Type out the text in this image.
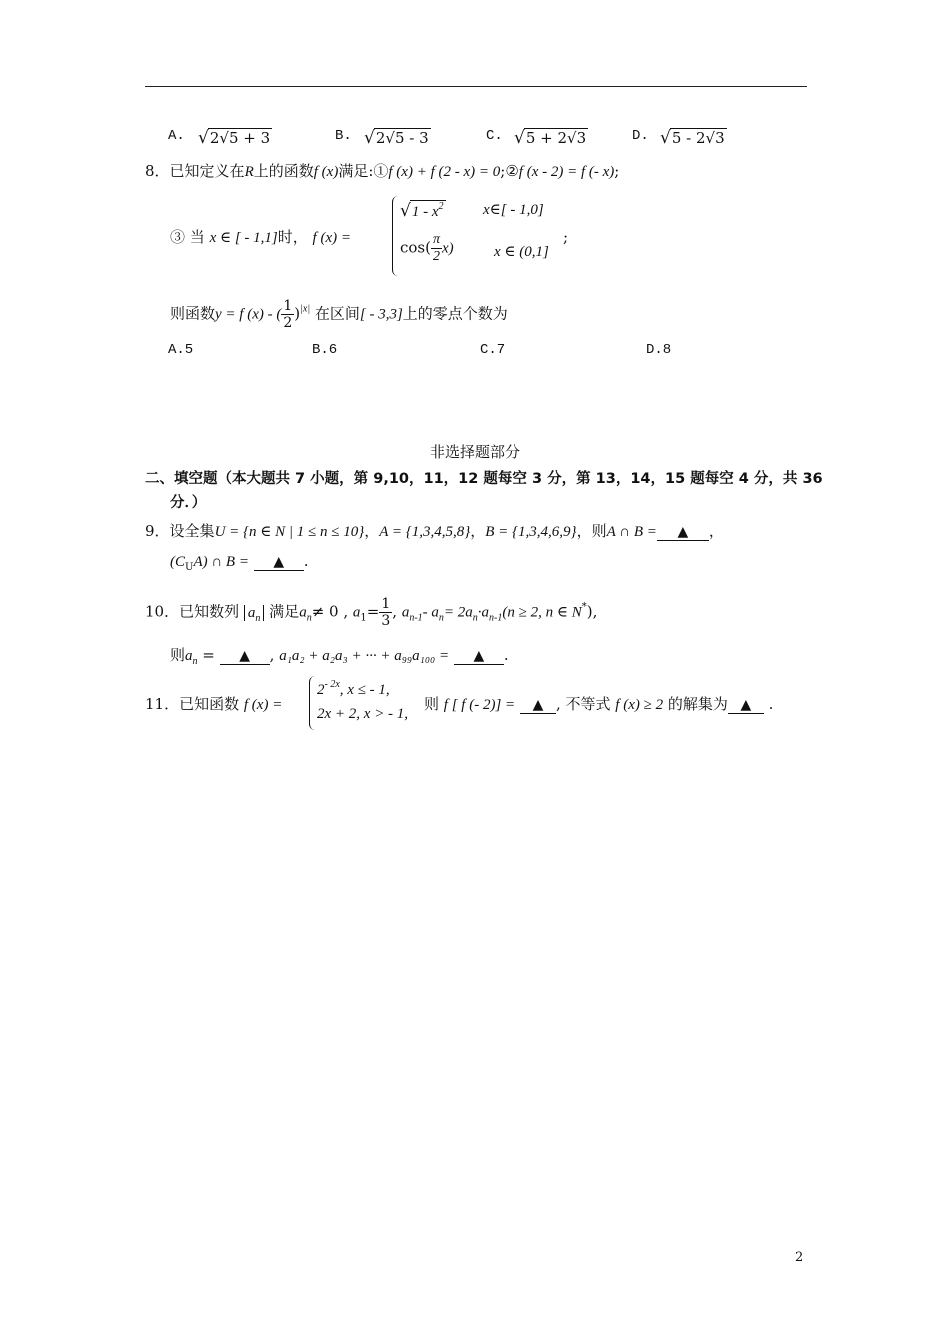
A. √2√5 + 3	B. √2√5 - 3	C. √5 + 2√3	D. √5 - 2√3
8．已知定义在R上的函数f (x)满足:①f (x) + f (2 - x) = 0;②f (x - 2) = f (- x);
③ 当 x ∈ [ - 1,1]时， f (x) =
$√1 - x^2$	x∈[ - 1,0]
$\cos( \frac{\pi}{2} x)$	x ∈ (0,1]
;
则函数y = f (x) - ( $\frac{1}{2} )^{|x|}$ 在区间[ - 3,3]上的零点个数为
A.5	B.6	C.7	D.8
非选择题部分
二、填空题（本大题共 7 小题，第 9,10，11，12 题每空 3 分，第 13，14，15 题每空 4 分，共 36
分．）
9．设全集U = {n ∈ N | 1 ≤ n ≤ 10}，A = {1,3,4,5,8}，B = {1,3,4,6,9}，则A ∩ B = ▲ ，
$(C_UA)$ ∩ B = ▲ .
10．已知数列 $a_n$ 满足$a_n\ne 0$ , $a_1= \frac{1}{3}$ , $a_{n-1}-$ $a_n= 2a_n\cdot a_{n-1}(n \ge 2$, n ∈ N*),
则$a_n$ = ▲ , a₁a₂ + a₂a₃ + ··· + a₉₉a₁₀₀ = ▲ .
11．已知函数 f (x) =
$2^{- 2x}$, x ≤ - 1,
2x + 2, x > - 1,
则 f [ f (- 2)] = ▲ , 不等式 f (x) ≥ 2 的解集为 ▲ .
2
